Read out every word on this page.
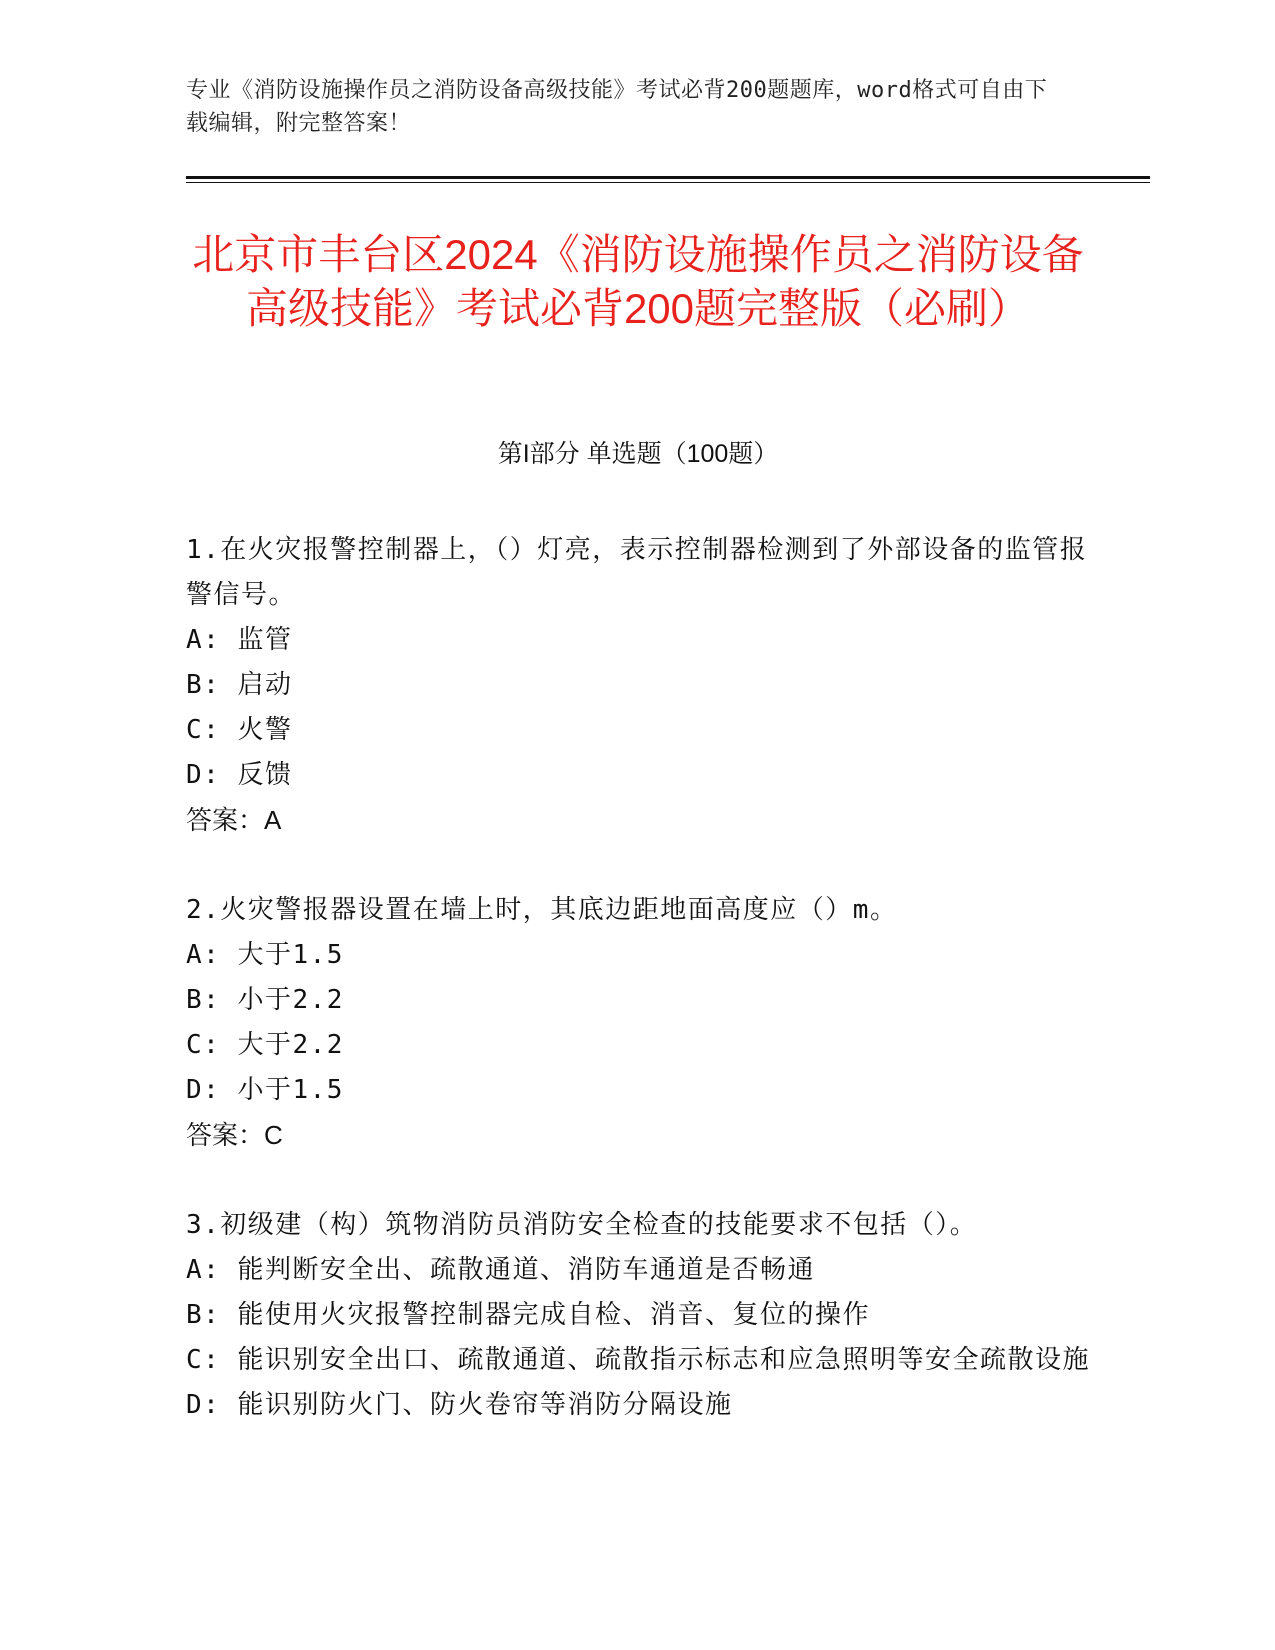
专业《消防设施操作员之消防设备高级技能》考试必背200题题库，word格式可自由下载编辑，附完整答案！
北京市丰台区2024《消防设施操作员之消防设备高级技能》考试必背200题完整版（必刷）
第I部分 单选题（100题）

1.在火灾报警控制器上，（）灯亮，表示控制器检测到了外部设备的监管报警信号。

A: 监管

B: 启动

C: 火警

D: 反馈

答案：A

2.火灾警报器设置在墙上时，其底边距地面高度应（）m。

A: 大于1.5

B: 小于2.2

C: 大于2.2

D: 小于1.5

答案：C

3.初级建（构）筑物消防员消防安全检查的技能要求不包括（）。

A: 能判断安全出、疏散通道、消防车通道是否畅通

B: 能使用火灾报警控制器完成自检、消音、复位的操作

C: 能识别安全出口、疏散通道、疏散指示标志和应急照明等安全疏散设施

D: 能识别防火门、防火卷帘等消防分隔设施
